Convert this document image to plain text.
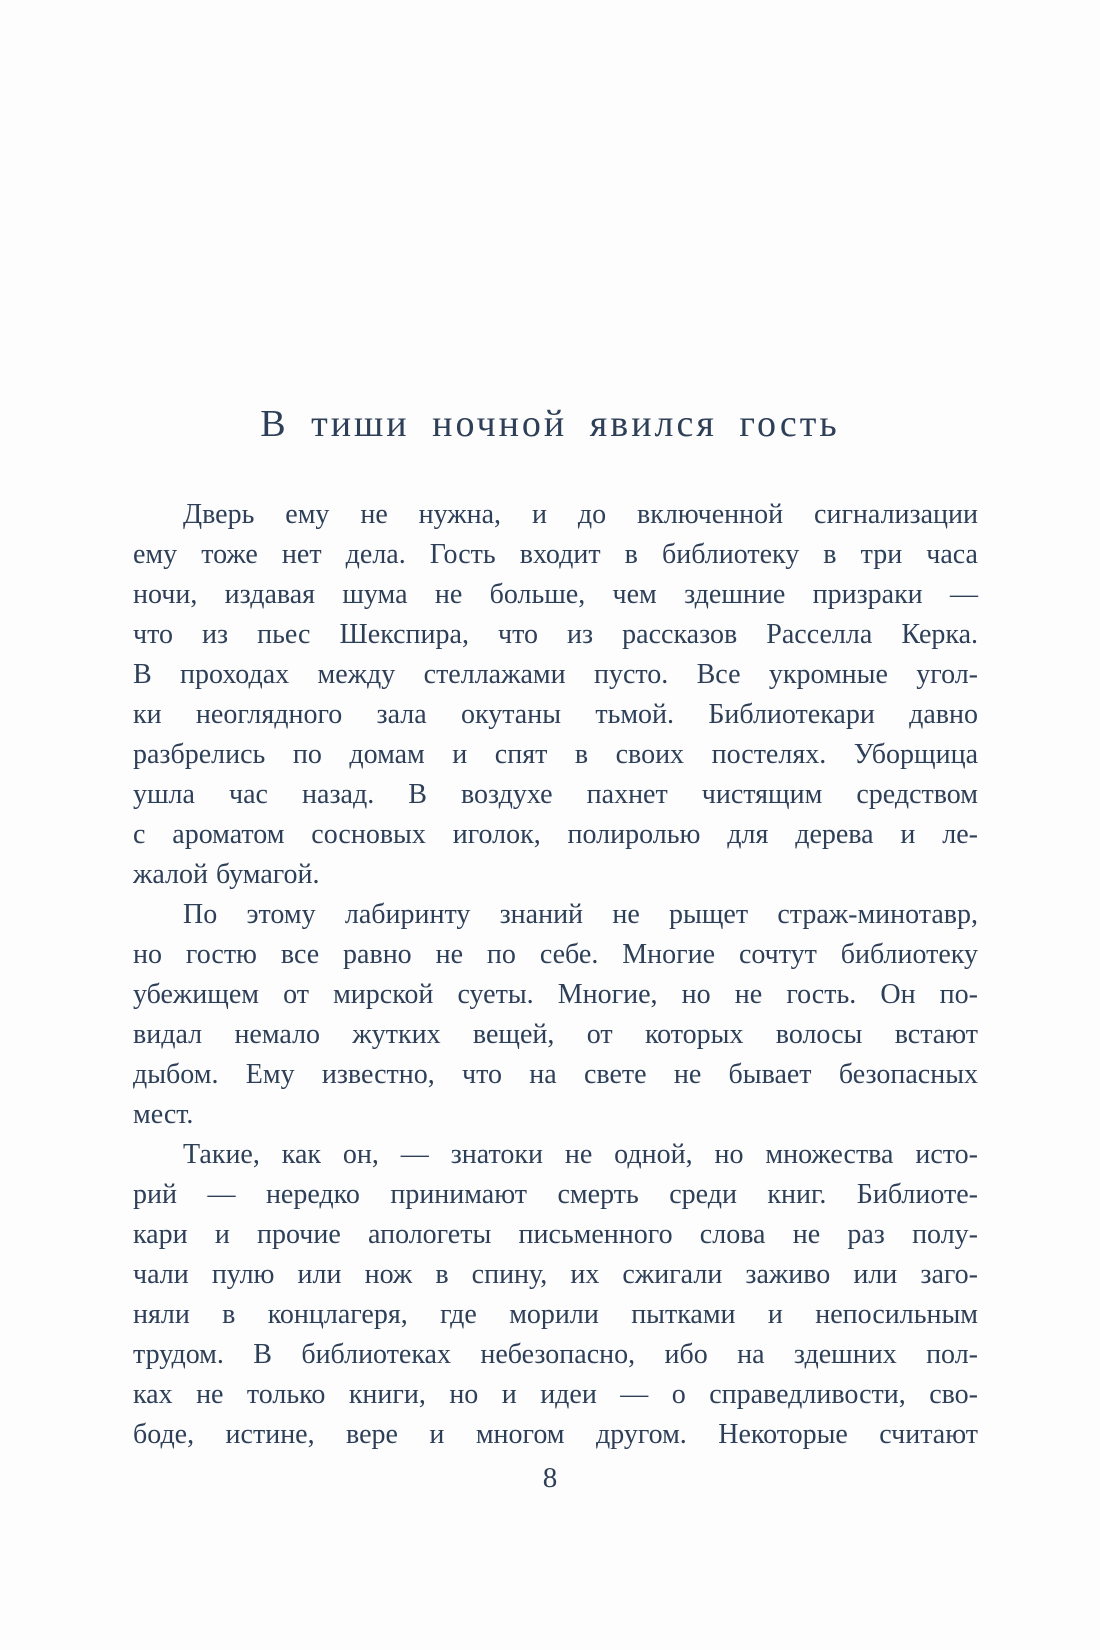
В тиши ночной явился гость
Дверь ему не нужна, и до включенной сигнализации
ему тоже нет дела. Гость входит в библиотеку в три часа
ночи, издавая шума не больше, чем здешние призраки —
что из пьес Шекспира, что из рассказов Расселла Керка.
В проходах между стеллажами пусто. Все укромные угол-
ки неоглядного зала окутаны тьмой. Библиотекари давно
разбрелись по домам и спят в своих постелях. Уборщица
ушла час назад. В воздухе пахнет чистящим средством
с ароматом сосновых иголок, полиролью для дерева и ле-
жалой бумагой.
По этому лабиринту знаний не рыщет страж-минотавр,
но гостю все равно не по себе. Многие сочтут библиотеку
убежищем от мирской суеты. Многие, но не гость. Он по-
видал немало жутких вещей, от которых волосы встают
дыбом. Ему известно, что на свете не бывает безопасных
мест.
Такие, как он, — знатоки не одной, но множества исто-
рий — нередко принимают смерть среди книг. Библиоте-
кари и прочие апологеты письменного слова не раз полу-
чали пулю или нож в спину, их сжигали заживо или заго-
няли в концлагеря, где морили пытками и непосильным
трудом. В библиотеках небезопасно, ибо на здешних пол-
ках не только книги, но и идеи — о справедливости, сво-
боде, истине, вере и многом другом. Некоторые считают
8
